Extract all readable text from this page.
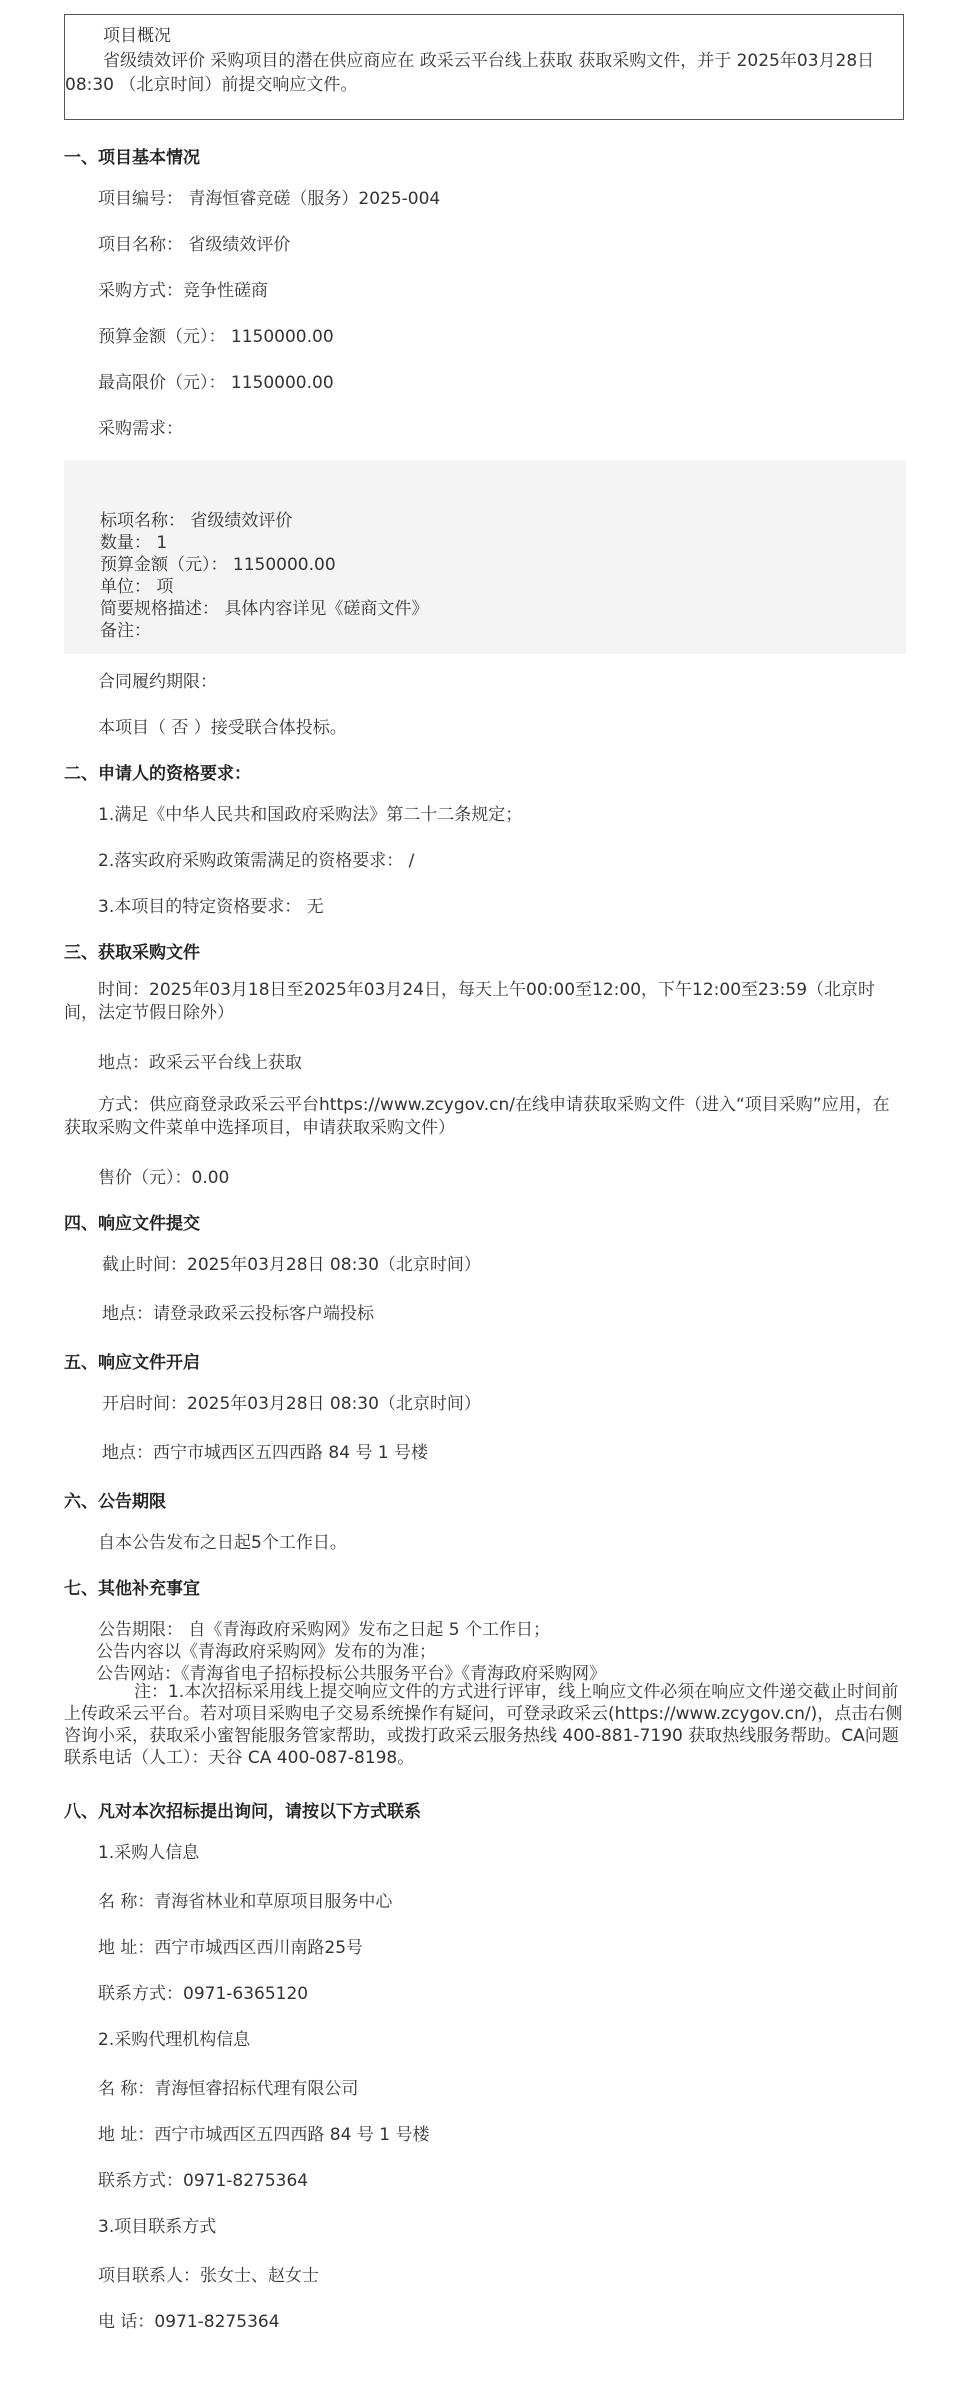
项目概况
省级绩效评价 采购项目的潜在供应商应在 政采云平台线上获取 获取采购文件，并于 2025年03月28日 08:30 （北京时间）前提交响应文件。
一、项目基本情况
项目编号： 青海恒睿竞磋（服务）2025-004
项目名称： 省级绩效评价
采购方式：竞争性磋商
预算金额（元）： 1150000.00
最高限价（元）： 1150000.00
采购需求：
标项名称： 省级绩效评价
数量： 1
预算金额（元）： 1150000.00
单位： 项
简要规格描述： 具体内容详见《磋商文件》
备注：
合同履约期限：
本项目（ 否 ）接受联合体投标。
二、申请人的资格要求：
1.满足《中华人民共和国政府采购法》第二十二条规定；
2.落实政府采购政策需满足的资格要求： /
3.本项目的特定资格要求： 无
三、获取采购文件
时间：2025年03月18日至2025年03月24日，每天上午00:00至12:00，下午12:00至23:59（北京时间，法定节假日除外）
地点：政采云平台线上获取
方式：供应商登录政采云平台https://www.zcygov.cn/在线申请获取采购文件（进入“项目采购”应用，在获取采购文件菜单中选择项目，申请获取采购文件）
售价（元）：0.00
四、响应文件提交
截止时间：2025年03月28日 08:30（北京时间）
地点：请登录政采云投标客户端投标
五、响应文件开启
开启时间：2025年03月28日 08:30（北京时间）
地点：西宁市城西区五四西路 84 号 1 号楼
六、公告期限
自本公告发布之日起5个工作日。
七、其他补充事宜
公告期限： 自《青海政府采购网》发布之日起 5 个工作日；
公告内容以《青海政府采购网》发布的为准；
公告网站：《青海省电子招标投标公共服务平台》《青海政府采购网》
注：1.本次招标采用线上提交响应文件的方式进行评审，线上响应文件必须在响应文件递交截止时间前上传政采云平台。若对项目采购电子交易系统操作有疑问，可登录政采云(https://www.zcygov.cn/)，点击右侧咨询小采，获取采小蜜智能服务管家帮助，或拨打政采云服务热线 400-881-7190 获取热线服务帮助。CA问题联系电话（人工）：天谷 CA 400-087-8198。
八、凡对本次招标提出询问，请按以下方式联系
1.采购人信息
名 称：青海省林业和草原项目服务中心
地 址：西宁市城西区西川南路25号
联系方式：0971-6365120
2.采购代理机构信息
名 称：青海恒睿招标代理有限公司
地 址：西宁市城西区五四西路 84 号 1 号楼
联系方式：0971-8275364
3.项目联系方式
项目联系人：张女士、赵女士
电 话：0971-8275364
